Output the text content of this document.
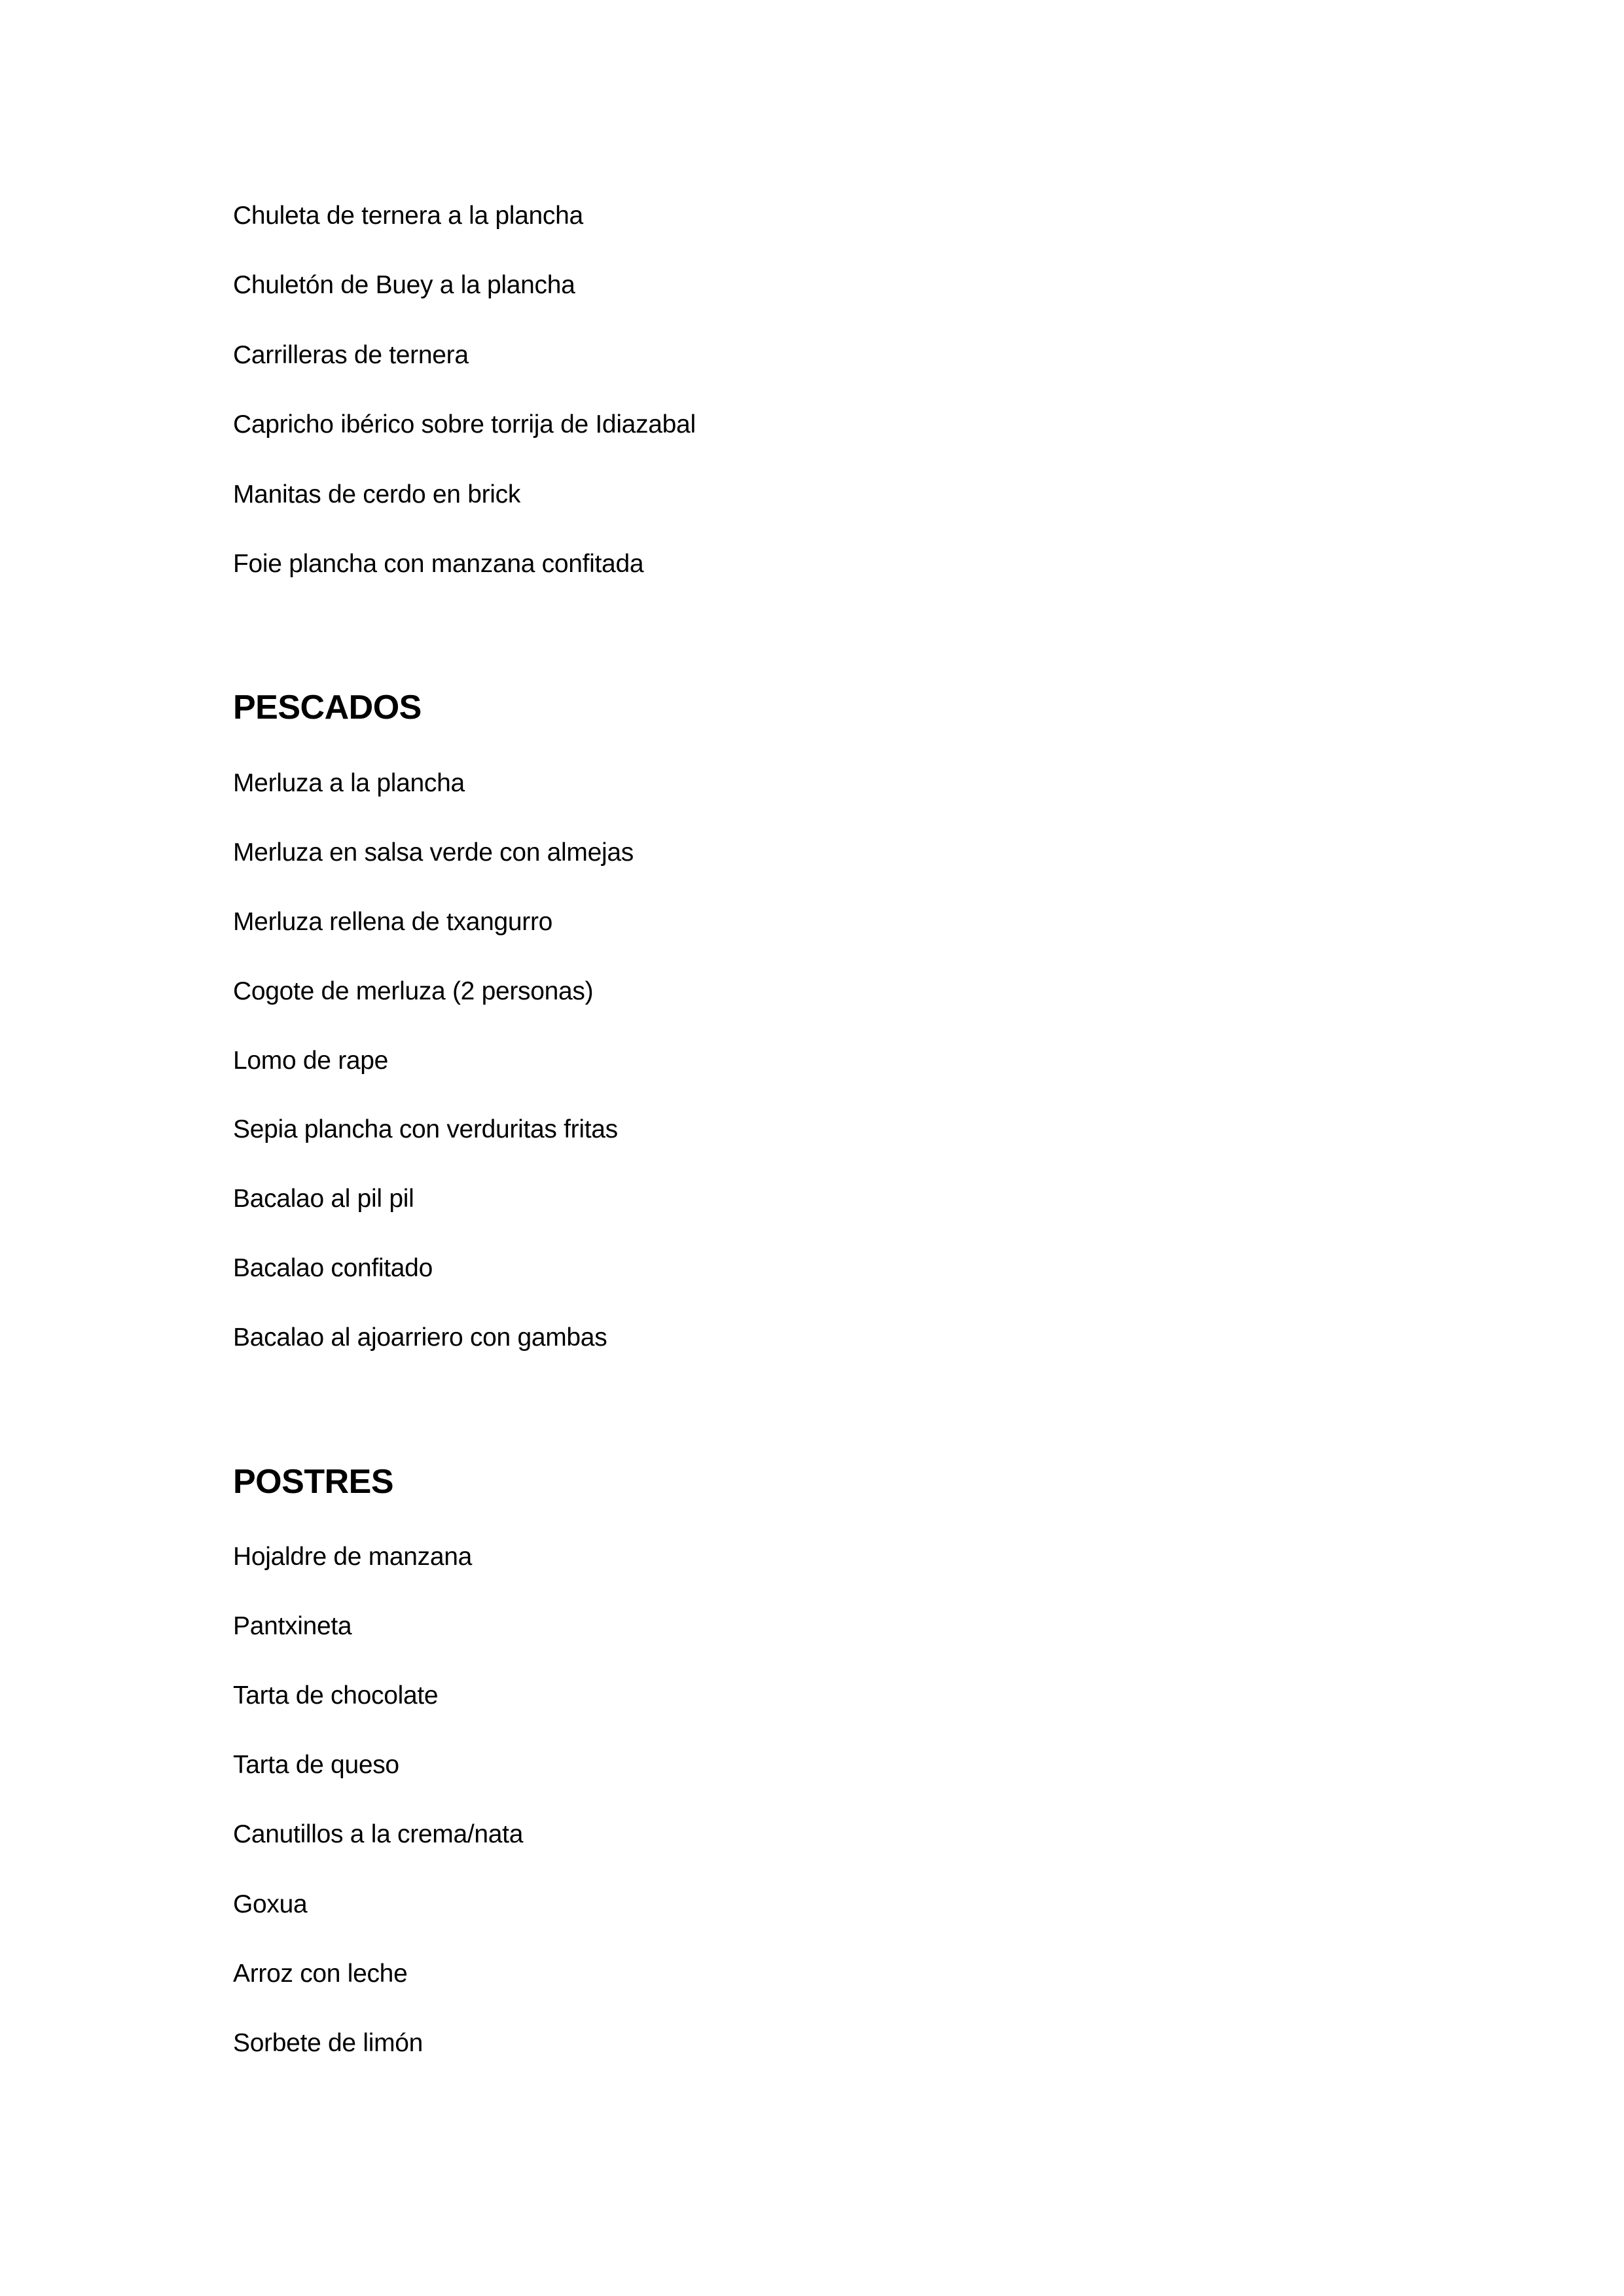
Chuleta de ternera a la plancha
Chuletón de Buey a la plancha
Carrilleras de ternera
Capricho ibérico sobre torrija de Idiazabal
Manitas de cerdo en brick
Foie plancha con manzana confitada
PESCADOS
Merluza a la plancha
Merluza en salsa verde con almejas
Merluza rellena de txangurro
Cogote de merluza (2 personas)
Lomo de rape
Sepia plancha con verduritas fritas
Bacalao al pil pil
Bacalao confitado
Bacalao al ajoarriero con gambas
POSTRES
Hojaldre de manzana
Pantxineta
Tarta de chocolate
Tarta de queso
Canutillos a la crema/nata
Goxua
Arroz con leche
Sorbete de limón
